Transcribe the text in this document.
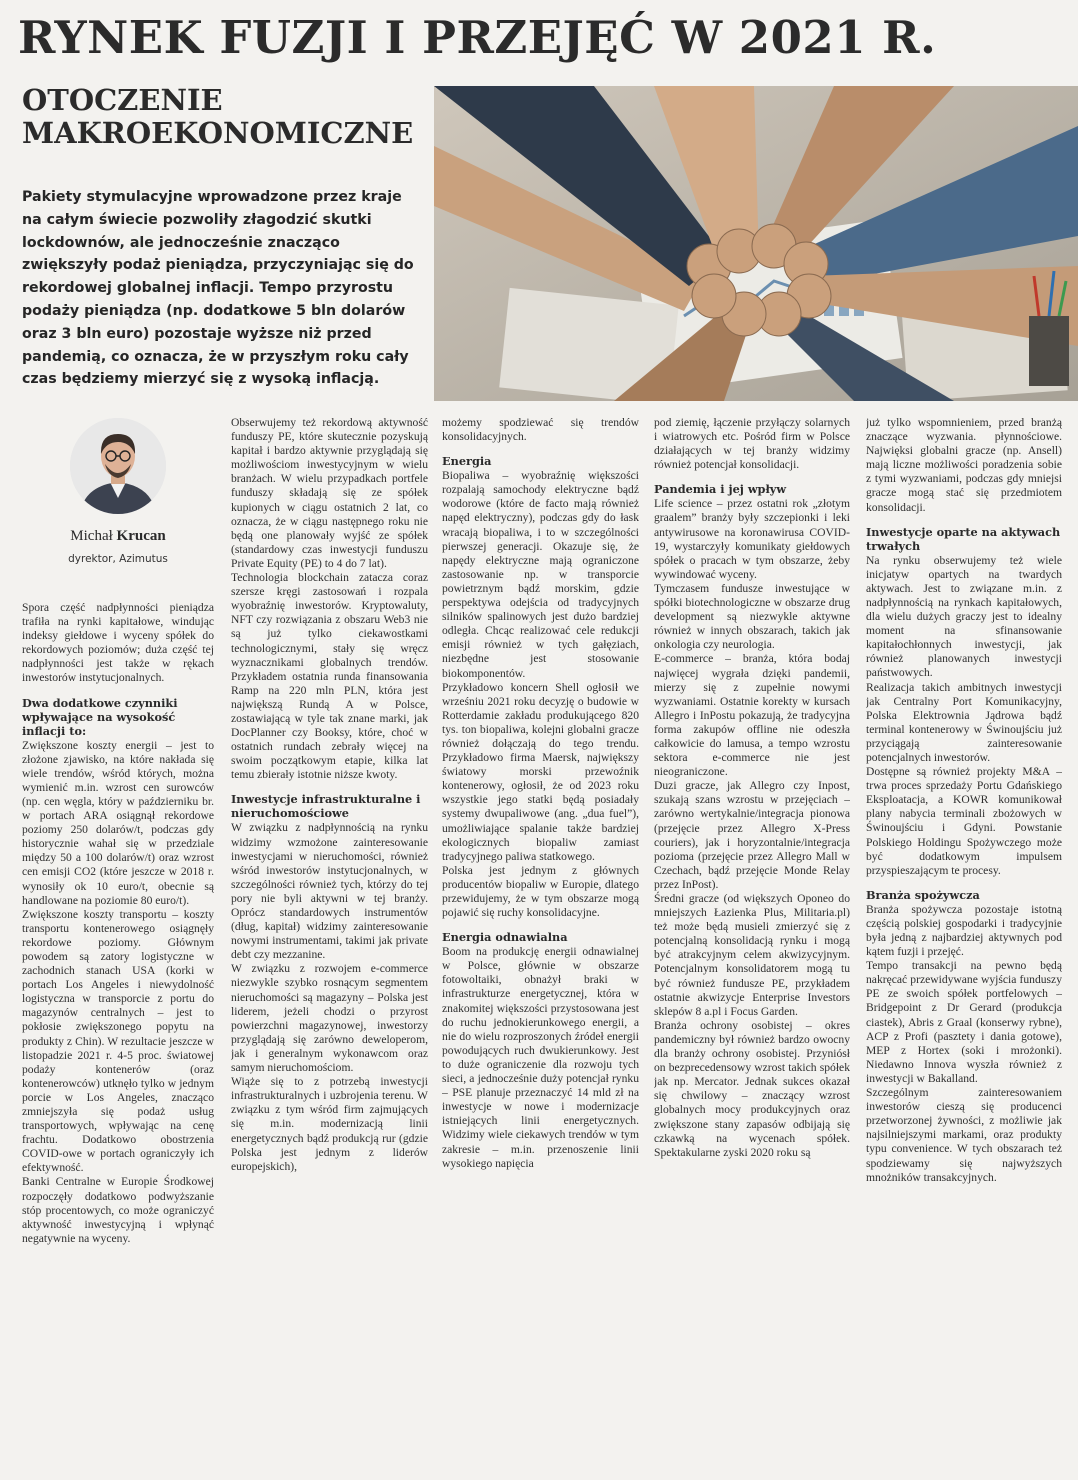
RYNEK FUZJI I PRZEJĘĆ W 2021 R.
OTOCZENIE MAKROEKONOMICZNE
Pakiety stymulacyjne wprowadzone przez kraje na całym świecie pozwoliły złagodzić skutki lockdownów, ale jednocześnie znacząco zwiększyły podaż pieniądza, przyczyniając się do rekordowej globalnej inflacji. Tempo przyrostu podaży pieniądza (np. dodatkowe 5 bln dolarów oraz 3 bln euro) pozostaje wyższe niż przed pandemią, co oznacza, że w przyszłym roku cały czas będziemy mierzyć się z wysoką inflacją.
Michał Krucan
dyrektor, Azimutus

Spora część nadpłynności pieniądza trafiła na rynki kapitałowe, windując indeksy giełdowe i wyceny spółek do rekordowych poziomów; duża część tej nadpłynności jest także w rękach inwestorów instytucjonalnych.

Dwa dodatkowe czynniki wpływające na wysokość inflacji to:

Zwiększone koszty energii – jest to złożone zjawisko, na które nakłada się wiele trendów, wśród których, można wymienić m.in. wzrost cen surowców (np. cen węgla, który w październiku br. w portach ARA osiągnął rekordowe poziomy 250 dolarów/t, podczas gdy historycznie wahał się w przedziale między 50 a 100 dolarów/t) oraz wzrost cen emisji CO2 (które jeszcze w 2018 r. wynosiły ok 10 euro/t, obecnie są handlowane na poziomie 80 euro/t).

Zwiększone koszty transportu – koszty transportu kontenerowego osiągnęły rekordowe poziomy. Głównym powodem są zatory logistyczne w zachodnich stanach USA (korki w portach Los Angeles i niewydolność logistyczna w transporcie z portu do magazynów centralnych – jest to pokłosie zwiększonego popytu na produkty z Chin). W rezultacie jeszcze w listopadzie 2021 r. 4-5 proc. światowej podaży kontenerów (oraz kontenerowców) utknęło tylko w jednym porcie w Los Angeles, znacząco zmniejszyła się podaż usług transportowych, wpływając na cenę frachtu. Dodatkowo obostrzenia COVID-owe w portach ograniczyły ich efektywność.

Banki Centralne w Europie Środkowej rozpoczęły dodatkowo podwyższanie stóp procentowych, co może ograniczyć aktywność inwestycyjną i wpłynąć negatywnie na wyceny.

Obserwujemy też rekordową aktywność funduszy PE, które skutecznie pozyskują kapitał i bardzo aktywnie przyglądają się możliwościom inwestycyjnym w wielu branżach. W wielu przypadkach portfele funduszy składają się ze spółek kupionych w ciągu ostatnich 2 lat, co oznacza, że w ciągu następnego roku nie będą one planowały wyjść ze spółek (standardowy czas inwestycji funduszu Private Equity (PE) to 4 do 7 lat).

Technologia blockchain zatacza coraz szersze kręgi zastosowań i rozpala wyobraźnię inwestorów. Kryptowaluty, NFT czy rozwiązania z obszaru Web3 nie są już tylko ciekawostkami technologicznymi, stały się wręcz wyznacznikami globalnych trendów. Przykładem ostatnia runda finansowania Ramp na 220 mln PLN, która jest największą Rundą A w Polsce, zostawiającą w tyle tak znane marki, jak DocPlanner czy Booksy, które, choć w ostatnich rundach zebrały więcej na swoim początkowym etapie, kilka lat temu zbierały istotnie niższe kwoty.

Inwestycje infrastrukturalne i nieruchomościowe

W związku z nadpłynnością na rynku widzimy wzmożone zainteresowanie inwestycjami w nieruchomości, również wśród inwestorów instytucjonalnych, w szczególności również tych, którzy do tej pory nie byli aktywni w tej branży. Oprócz standardowych instrumentów (dług, kapitał) widzimy zainteresowanie nowymi instrumentami, takimi jak private debt czy mezzanine.

W związku z rozwojem e-commerce niezwykle szybko rosnącym segmentem nieruchomości są magazyny – Polska jest liderem, jeżeli chodzi o przyrost powierzchni magazynowej, inwestorzy przyglądają się zarówno deweloperom, jak i generalnym wykonawcom oraz samym nieruchomościom.

Wiąże się to z potrzebą inwestycji infrastrukturalnych i uzbrojenia terenu. W związku z tym wśród firm zajmujących się m.in. modernizacją linii energetycznych bądź produkcją rur (gdzie Polska jest jednym z liderów europejskich),

możemy spodziewać się trendów konsolidacyjnych.

Energia

Biopaliwa – wyobraźnię większości rozpalają samochody elektryczne bądź wodorowe (które de facto mają również napęd elektryczny), podczas gdy do łask wracają biopaliwa, i to w szczególności pierwszej generacji. Okazuje się, że napędy elektryczne mają ograniczone zastosowanie np. w transporcie powietrznym bądź morskim, gdzie perspektywa odejścia od tradycyjnych silników spalinowych jest dużo bardziej odległa. Chcąc realizować cele redukcji emisji również w tych gałęziach, niezbędne jest stosowanie biokomponentów.

Przykładowo koncern Shell ogłosił we wrześniu 2021 roku decyzję o budowie w Rotterdamie zakładu produkującego 820 tys. ton biopaliwa, kolejni globalni gracze również dołączają do tego trendu. Przykładowo firma Maersk, największy światowy morski przewoźnik kontenerowy, ogłosił, że od 2023 roku wszystkie jego statki będą posiadały systemy dwupaliwowe (ang. „dua fuel”), umożliwiające spalanie także bardziej ekologicznych biopaliw zamiast tradycyjnego paliwa statkowego.

Polska jest jednym z głównych producentów biopaliw w Europie, dlatego przewidujemy, że w tym obszarze mogą pojawić się ruchy konsolidacyjne.

Energia odnawialna

Boom na produkcję energii odnawialnej w Polsce, głównie w obszarze fotowoltaiki, obnażył braki w infrastrukturze energetycznej, która w znakomitej większości przystosowana jest do ruchu jednokierunkowego energii, a nie do wielu rozproszonych źródeł energii powodujących ruch dwukierunkowy. Jest to duże ograniczenie dla rozwoju tych sieci, a jednocześnie duży potencjał rynku – PSE planuje przeznaczyć 14 mld zł na inwestycje w nowe i modernizacje istniejących linii energetycznych. Widzimy wiele ciekawych trendów w tym zakresie – m.in. przenoszenie linii wysokiego napięcia

pod ziemię, łączenie przyłączy solarnych i wiatrowych etc. Pośród firm w Polsce działających w tej branży widzimy również potencjał konsolidacji.

Pandemia i jej wpływ

Life science – przez ostatni rok „złotym graalem” branży były szczepionki i leki antywirusowe na koronawirusa COVID-19, wystarczyły komunikaty giełdowych spółek o pracach w tym obszarze, żeby wywindować wyceny.

Tymczasem fundusze inwestujące w spółki biotechnologiczne w obszarze drug development są niezwykle aktywne również w innych obszarach, takich jak onkologia czy neurologia.

E-commerce – branża, która bodaj najwięcej wygrała dzięki pandemii, mierzy się z zupełnie nowymi wyzwaniami. Ostatnie korekty w kursach Allegro i InPostu pokazują, że tradycyjna forma zakupów offline nie odeszła całkowicie do lamusa, a tempo wzrostu sektora e-commerce nie jest nieograniczone.

Duzi gracze, jak Allegro czy Inpost, szukają szans wzrostu w przejęciach – zarówno wertykalnie/integracja pionowa (przejęcie przez Allegro X-Press couriers), jak i horyzontalnie/integracja pozioma (przejęcie przez Allegro Mall w Czechach, bądź przejęcie Monde Relay przez InPost).

Średni gracze (od większych Oponeo do mniejszych Łazienka Plus, Militaria.pl) też może będą musieli zmierzyć się z potencjalną konsolidacją rynku i mogą być atrakcyjnym celem akwizycyjnym. Potencjalnym konsolidatorem mogą tu być również fundusze PE, przykładem ostatnie akwizycje Enterprise Investors sklepów 8 a.pl i Focus Garden.

Branża ochrony osobistej – okres pandemiczny był również bardzo owocny dla branży ochrony osobistej. Przyniósł on bezprecedensowy wzrost takich spółek jak np. Mercator. Jednak sukces okazał się chwilowy – znaczący wzrost globalnych mocy produkcyjnych oraz zwiększone stany zapasów odbijają się czkawką na wycenach spółek. Spektakularne zyski 2020 roku są

już tylko wspomnieniem, przed branżą znaczące wyzwania. płynnościowe. Najwięksi globalni gracze (np. Ansell) mają liczne możliwości poradzenia sobie z tymi wyzwaniami, podczas gdy mniejsi gracze mogą stać się przedmiotem konsolidacji.

Inwestycje oparte na aktywach trwałych

Na rynku obserwujemy też wiele inicjatyw opartych na twardych aktywach. Jest to związane m.in. z nadpłynnością na rynkach kapitałowych, dla wielu dużych graczy jest to idealny moment na sfinansowanie kapitałochłonnych inwestycji, jak również planowanych inwestycji państwowych.

Realizacja takich ambitnych inwestycji jak Centralny Port Komunikacyjny, Polska Elektrownia Jądrowa bądź terminal kontenerowy w Świnoujściu już przyciągają zainteresowanie potencjalnych inwestorów.

Dostępne są również projekty M&A – trwa proces sprzedaży Portu Gdańskiego Eksploatacja, a KOWR komunikował plany nabycia terminali zbożowych w Świnoujściu i Gdyni. Powstanie Polskiego Holdingu Spożywczego może być dodatkowym impulsem przyspieszającym te procesy.

Branża spożywcza

Branża spożywcza pozostaje istotną częścią polskiej gospodarki i tradycyjnie była jedną z najbardziej aktywnych pod kątem fuzji i przejęć.

Tempo transakcji na pewno będą nakręcać przewidywane wyjścia funduszy PE ze swoich spółek portfelowych – Bridgepoint z Dr Gerard (produkcja ciastek), Abris z Graal (konserwy rybne), ACP z Profi (pasztety i dania gotowe), MEP z Hortex (soki i mrożonki). Niedawno Innova wyszła również z inwestycji w Bakalland.

Szczególnym zainteresowaniem inwestorów cieszą się producenci przetworzonej żywności, z możliwie jak najsilniejszymi markami, oraz produkty typu convenience. W tych obszarach też spodziewamy się najwyższych mnożników transakcyjnych.
